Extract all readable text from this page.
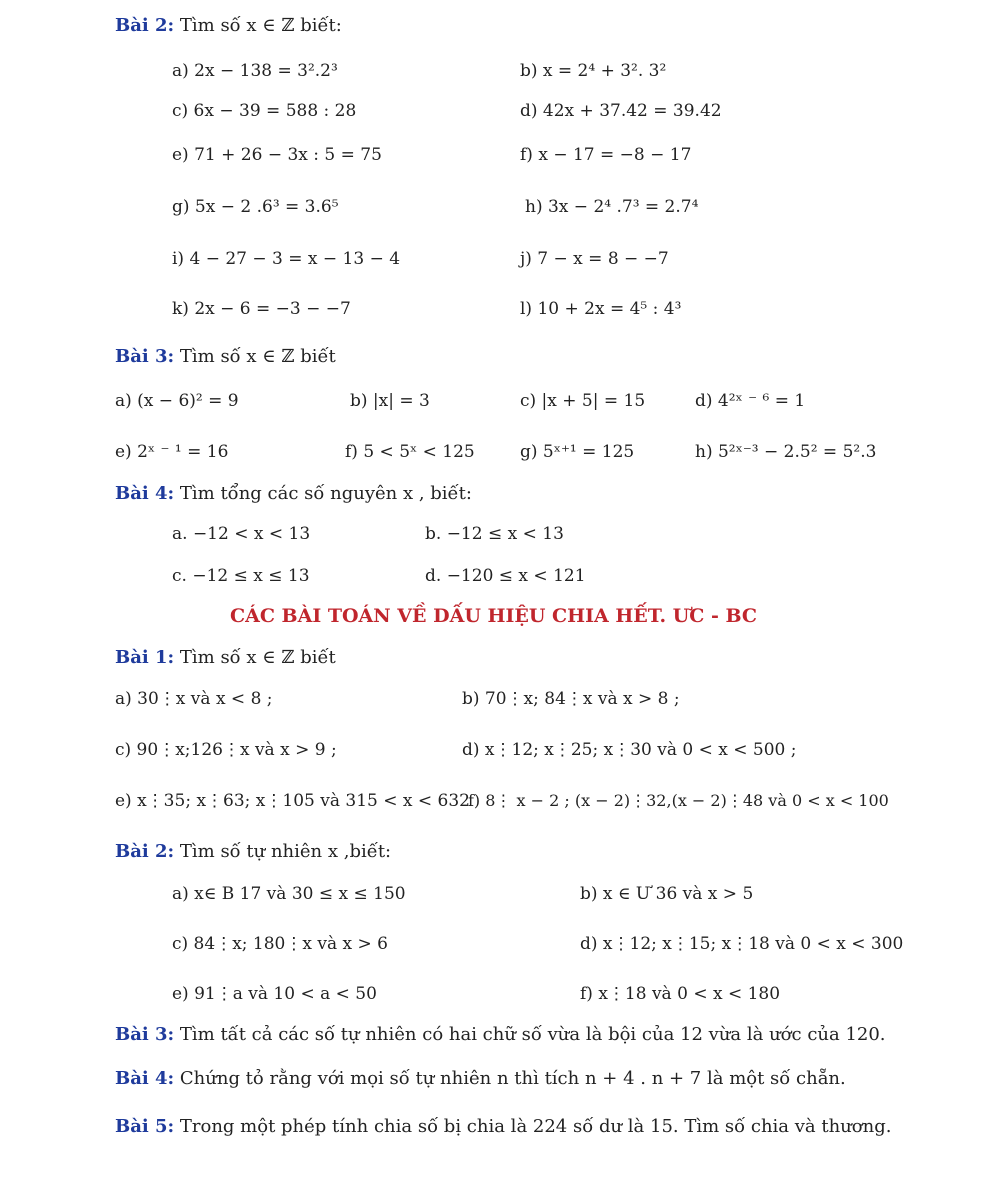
Bài 2: Tìm số x ∈ ℤ biết:
a) 2x − 138 = 3².2³	b) x = 2⁴ + 3². 3²
c) 6x − 39 = 588 : 28	d) 42x + 37.42 = 39.42
e) 71 + 26 − 3x : 5 = 75	f) x − 17 = −8 − 17
g) 5x − 2 .6³ = 3.6⁵	h) 3x − 2⁴ .7³ = 2.7⁴
i) 4 − 27 − 3 = x − 13 − 4	j) 7 − x = 8 − −7
k) 2x − 6 = −3 − −7	l) 10 + 2x = 4⁵ : 4³
Bài 3: Tìm số x ∈ ℤ biết
a) (x − 6)² = 9	b) |x| = 3	c) |x + 5| = 15	d) 4²ˣ ⁻ ⁶ = 1
e) 2ˣ ⁻ ¹ = 16	f) 5 < 5ˣ < 125	g) 5ˣ⁺¹ = 125	h) 5²ˣ⁻³ − 2.5² = 5².3
Bài 4: Tìm tổng các số nguyên x , biết:
a. −12 < x < 13	b. −12 ≤ x < 13
c. −12 ≤ x ≤ 13	d. −120 ≤ x < 121
CÁC BÀI TOÁN VỀ DẤU HIỆU CHIA HẾT. ƯC - BC
Bài 1: Tìm số x ∈ ℤ biết
a) 30⋮x và x < 8 ;	b) 70⋮x; 84⋮x và x > 8 ;
c) 90⋮x;126⋮x và x > 9 ;	d) x⋮12; x⋮25; x⋮30 và 0 < x < 500 ;
e) x⋮35; x⋮63; x⋮105 và 315 < x < 632
f) 8⋮ x − 2 ; (x − 2)⋮32,(x − 2)⋮48 và 0 < x < 100
Bài 2: Tìm số tự nhiên x ,biết:
a) x∈ B 17 và 30 ≤ x ≤ 150	b) x ∈ Ư 36 và x > 5
c) 84⋮x; 180⋮x và x > 6	d) x⋮12; x⋮15; x⋮18 và 0 < x < 300
e) 91⋮a và 10 < a < 50	f) x⋮18 và 0 < x < 180
Bài 3: Tìm tất cả các số tự nhiên có hai chữ số vừa là bội của 12 vừa là ước của 120.
Bài 4: Chứng tỏ rằng với mọi số tự nhiên n thì tích n + 4 . n + 7 là một số chẵn.
Bài 5: Trong một phép tính chia số bị chia là 224 số dư là 15. Tìm số chia và thương.
